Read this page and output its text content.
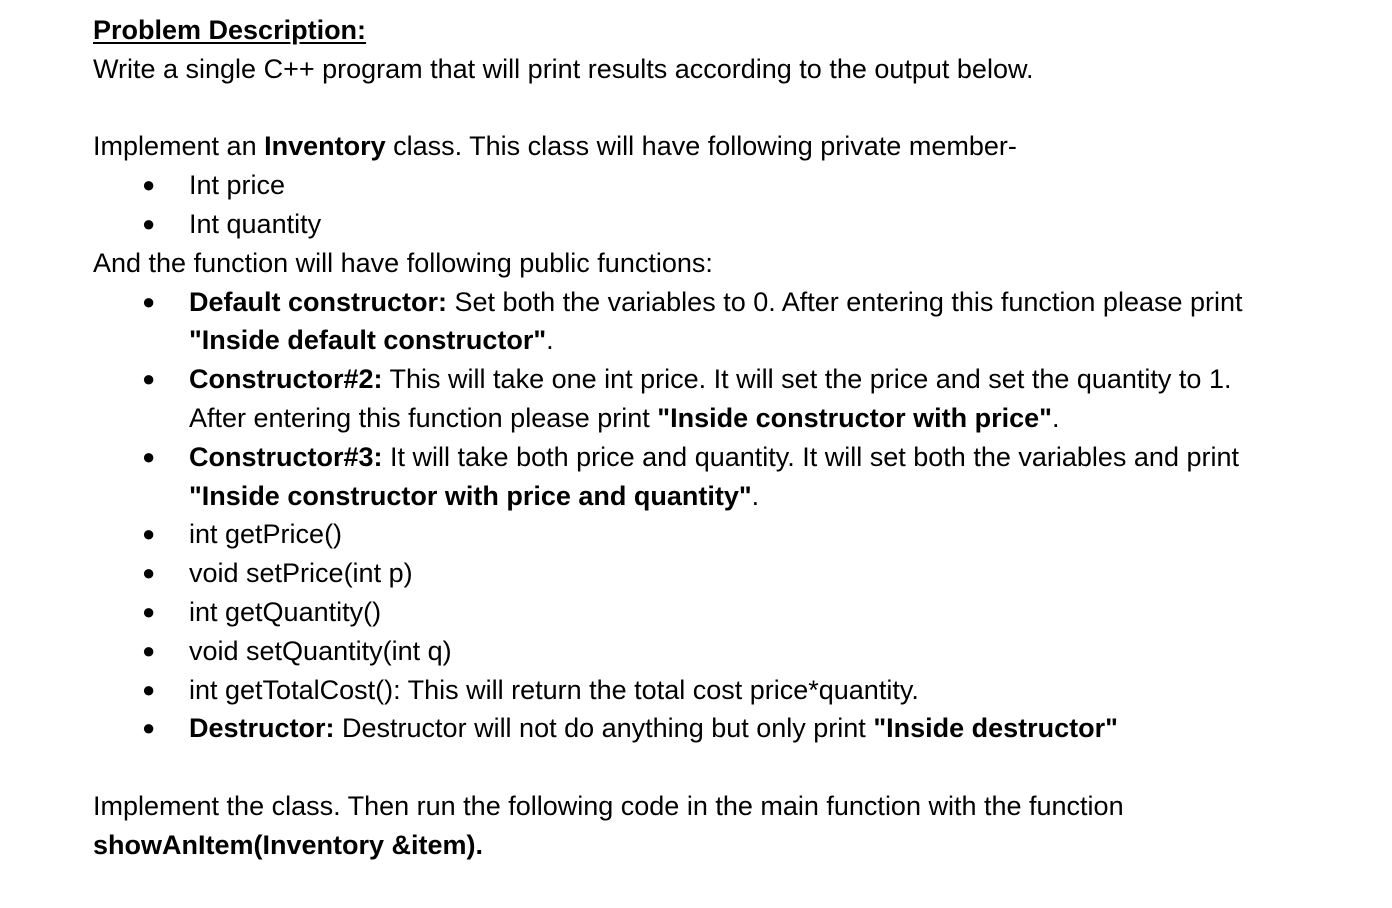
Problem Description:
Write a single C++ program that will print results according to the output below.
Implement an Inventory class. This class will have following private member-
● Int price
● Int quantity
And the function will have following public functions:
● Default constructor: Set both the variables to 0. After entering this function please print
"Inside default constructor".
● Constructor#2: This will take one int price. It will set the price and set the quantity to 1.
After entering this function please print "Inside constructor with price".
● Constructor#3: It will take both price and quantity. It will set both the variables and print
"Inside constructor with price and quantity".
● int getPrice()
● void setPrice(int p)
● int getQuantity()
● void setQuantity(int q)
● int getTotalCost(): This will return the total cost price*quantity.
● Destructor: Destructor will not do anything but only print "Inside destructor"
Implement the class. Then run the following code in the main function with the function
showAnItem(Inventory &item).
